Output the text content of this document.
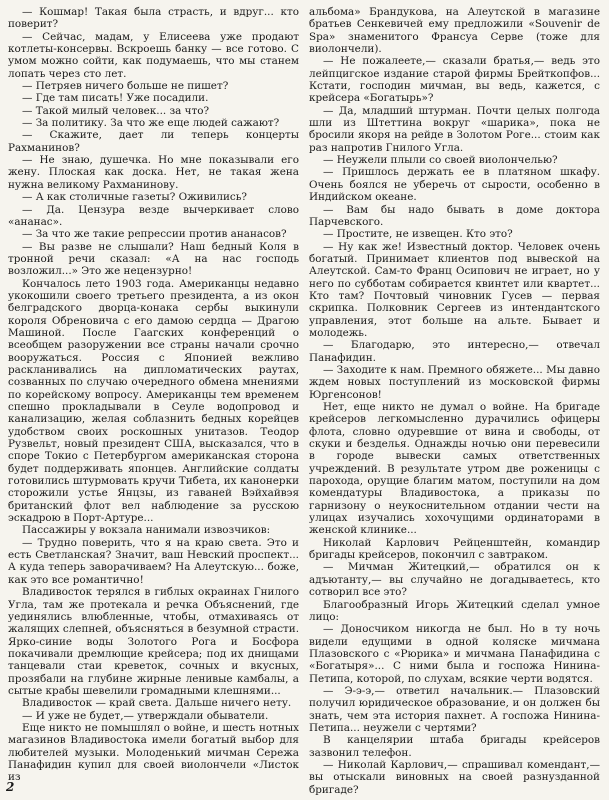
— Кошмар! Такая была страсть, и вдруг... кто поверит?

— Сейчас, мадам, у Елисеева уже продают котлеты-консервы. Вскроешь банку — все готово. С умом можно сойти, как подумаешь, что мы станем лопать через сто лет.

— Петряев ничего больше не пишет?

— Где там писать! Уже посадили.

— Такой милый человек... за что?

— За политику. За что же еще людей сажают?

— Скажите, дает ли теперь концерты Рахманинов?

— Не знаю, душечка. Но мне показывали его жену. Плоская как доска. Нет, не такая жена нужна великому Рахманинову.

— А как столичные газеты? Оживились?

— Да. Цензура везде вычеркивает слово «ананас».

— За что же такие репрессии против ананасов?

— Вы разве не слышали? Наш бедный Коля в тронной речи сказал: «А на нас господь возложил...» Это же нецензурно!

Кончалось лето 1903 года. Американцы недавно укокошили своего третьего президента, а из окон белградского дворца-конака сербы выкинули короля Обреновича с его дамою сердца — Драгою Машиной. После Гаагских конференций о всеобщем разоружении все страны начали срочно вооружаться. Россия с Японией вежливо раскланивались на дипломатических раутах, созванных по случаю очередного обмена мнениями по корейскому вопросу. Американцы тем временем спешно прокладывали в Сеуле водопровод и канализацию, желая соблазнить бедных корейцев удобством своих роскошных унитазов. Теодор Рузвельт, новый президент США, высказался, что в споре Токио с Петербургом американская сторона будет поддерживать японцев. Английские солдаты готовились штурмовать кручи Тибета, их канонерки сторожили устье Янцзы, из гаваней Вэйхайвэя британский флот вел наблюдение за русскою эскадрою в Порт-Артуре...

Пассажиры у вокзала нанимали извозчиков:

— Трудно поверить, что я на краю света. Это и есть Светланская? Значит, ваш Невский проспект... А куда теперь заворачиваем? На Алеутскую... боже, как это все романтично!

Владивосток терялся в гиблых окраинах Гнилого Угла, там же протекала и речка Объяснений, где уединялись влюбленные, чтобы, отмахиваясь от жалящих слепней, объясняться в безумной страсти. Ярко-синие воды Золотого Рога и Босфора покачивали дремлющие крейсера; под их днищами танцевали стаи креветок, сочных и вкусных, прозябали на глубине жирные ленивые камбалы, а сытые крабы шевелили громадными клешнями...

Владивосток — край света. Дальше ничего нету.

— И уже не будет,— утверждали обыватели.

Еще никто не помышлял о войне, и шесть нотных магазинов Владивостока имели богатый выбор для любителей музыки. Молоденький мичман Сережа Панафидин купил для своей виолончели «Листок из

альбома» Брандукова, на Алеутской в магазине братьев Сенкевичей ему предложили «Souvenir de Spa» знаменитого Франсуа Серве (тоже для виолончели).

— Не пожалеете,— сказали братья,— ведь это лейпцигское издание старой фирмы Брейткопфов... Кстати, господин мичман, вы ведь, кажется, с крейсера «Богатырь»?

— Да, младший штурман. Почти целых полгода шли из Штеттина вокруг «шарика», пока не бросили якоря на рейде в Золотом Роге... стоим как раз напротив Гнилого Угла.

— Неужели плыли со своей виолончелью?

— Пришлось держать ее в платяном шкафу. Очень боялся не уберечь от сырости, особенно в Индийском океане.

— Вам бы надо бывать в доме доктора Парчевского.

— Простите, не извещен. Кто это?

— Ну как же! Известный доктор. Человек очень богатый. Принимает клиентов под вывеской на Алеутской. Сам-то Франц Осипович не играет, но у него по субботам собирается квинтет или квартет... Кто там? Почтовый чиновник Гусев — первая скрипка. Полковник Сергеев из интендантского управления, этот больше на альте. Бывает и молодежь.

— Благодарю, это интересно,— отвечал Панафидин.

— Заходите к нам. Премного обяжете... Мы давно ждем новых поступлений из московской фирмы Юргенсонов!

Нет, еще никто не думал о войне. На бригаде крейсеров легкомысленно дурачились офицеры флота, словно одуревшие от вина и свободы, от скуки и безделья. Однажды ночью они перевесили в городе вывески самых ответственных учреждений. В результате утром две роженицы с парохода, орущие благим матом, поступили на дом комендатуры Владивостока, а приказы по гарнизону о неукоснительном отдании чести на улицах изучались хохочущими ординаторами в женской клинике...

Николай Карлович Рейценштейн, командир бригады крейсеров, покончил с завтраком.

— Мичман Житецкий,— обратился он к адъютанту,— вы случайно не догадываетесь, кто сотворил все это?

Благообразный Игорь Житецкий сделал умное лицо:

— Доносчиком никогда не был. Но в ту ночь видели едущими в одной коляске мичмана Плазовского с «Рюрика» и мичмана Панафидина с «Богатыря»... С ними была и госпожа Нинина-Петипа, которой, по слухам, всякие черти водятся.

— Э-э-э,— ответил начальник.— Плазовский получил юридическое образование, и он должен бы знать, чем эта история пахнет. А госпожа Нинина-Петипа... неужели с чертями?

В канцелярии штаба бригады крейсеров зазвонил телефон.

— Николай Карлович,— спрашивал комендант,— вы отыскали виновных на своей разнузданной бригаде?

2
